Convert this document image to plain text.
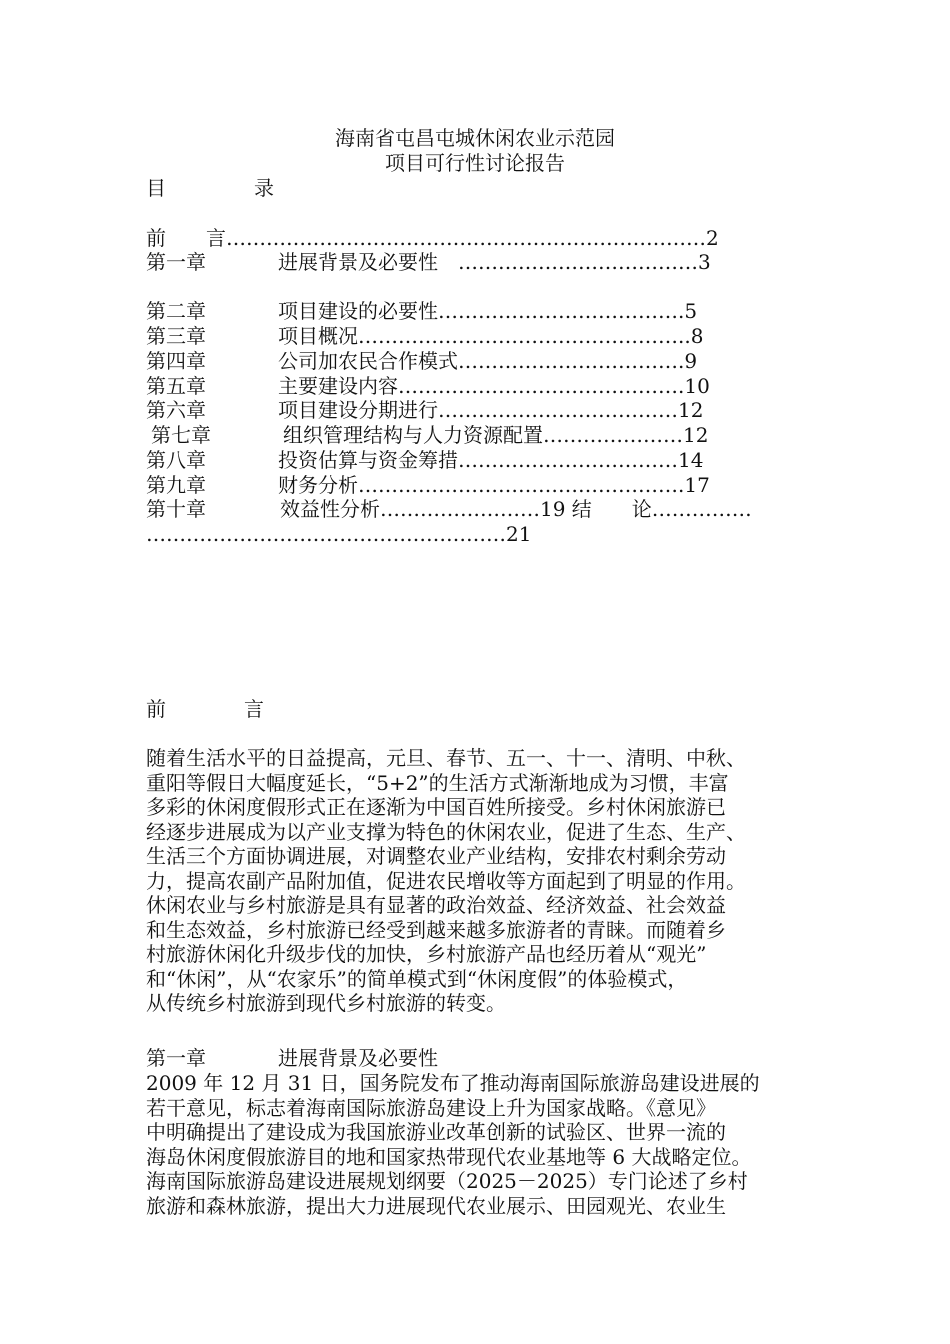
海南省屯昌屯城休闲农业示范园
项目可行性讨论报告
目	录
前　　言………………………………………………………………2
第一章	进展背景及必要性　………………………………3
第二章	项目建设的必要性……………………………….5
第三章	项目概况…………………………………………..8
第四章	公司加农民合作模式…………………………….9
第五章	主要建设内容…………………………………….10
第六章	项目建设分期进行………………………………12
第七章	组织管理结构与人力资源配置…………………12
第八章	投资估算与资金筹措……………………………14
第九章	财务分析………………………………………….17
第十章	效益性分析……………………19 结　　论……………
………………………………………………21
前	言
随着生活水平的日益提高，元旦、春节、五一、十一、清明、中秋、
重阳等假日大幅度延长，“5+2”的生活方式渐渐地成为习惯，丰富
多彩的休闲度假形式正在逐渐为中国百姓所接受。乡村休闲旅游已
经逐步进展成为以产业支撑为特色的休闲农业，促进了生态、生产、
生活三个方面协调进展，对调整农业产业结构，安排农村剩余劳动
力，提高农副产品附加值，促进农民增收等方面起到了明显的作用。
休闲农业与乡村旅游是具有显著的政治效益、经济效益、社会效益
和生态效益，乡村旅游已经受到越来越多旅游者的青睐。而随着乡
村旅游休闲化升级步伐的加快，乡村旅游产品也经历着从“观光”
和“休闲”，从“农家乐”的简单模式到“休闲度假”的体验模式，
从传统乡村旅游到现代乡村旅游的转变。
第一章	进展背景及必要性
2009 年 12 月 31 日，国务院发布了推动海南国际旅游岛建设进展的
若干意见，标志着海南国际旅游岛建设上升为国家战略。《意见》
中明确提出了建设成为我国旅游业改革创新的试验区、世界一流的
海岛休闲度假旅游目的地和国家热带现代农业基地等 6 大战略定位。
海南国际旅游岛建设进展规划纲要（2025－2025）专门论述了乡村
旅游和森林旅游，提出大力进展现代农业展示、田园观光、农业生
